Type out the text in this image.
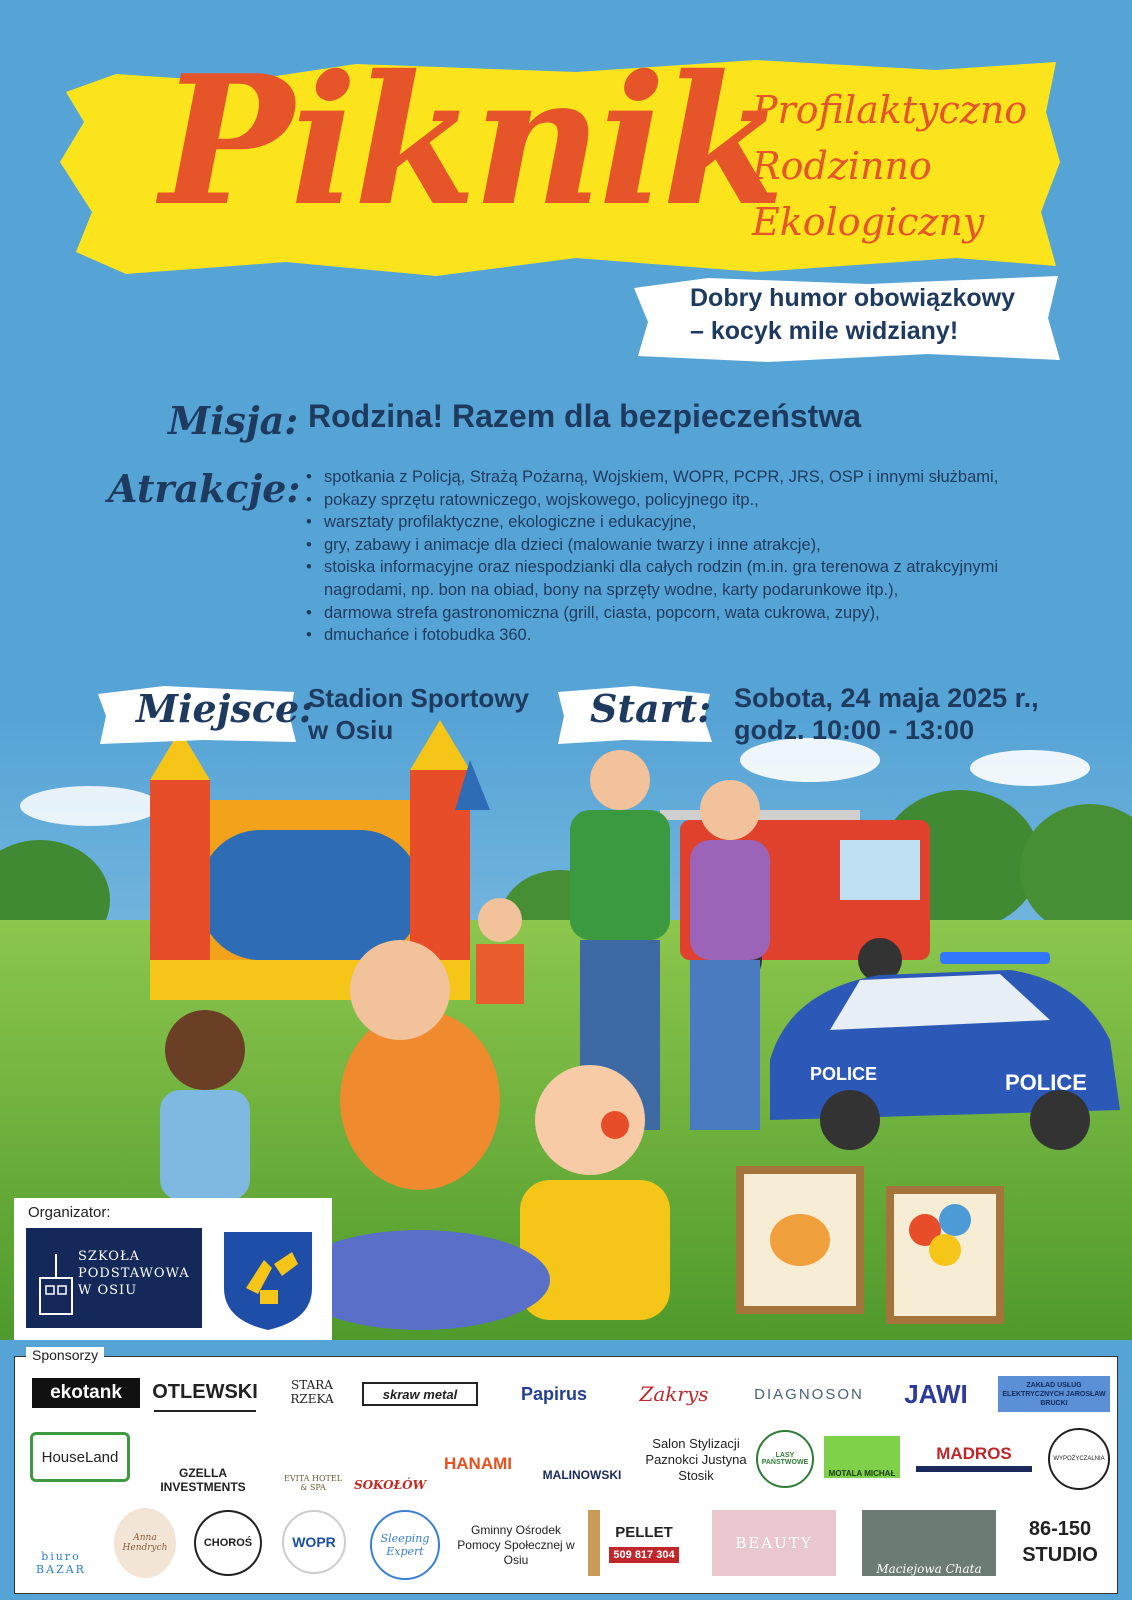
Piknik
Profilaktyczno
Rodzinno
Ekologiczny
Dobry humor obowiązkowy
– kocyk mile widziany!
Misja: Rodzina! Razem dla bezpieczeństwa
Atrakcje:
•	spotkania z Policją, Strażą Pożarną, Wojskiem, WOPR, PCPR, JRS, OSP i innymi służbami,
• pokazy sprzętu ratowniczego, wojskowego, policyjnego itp.,
• warsztaty profilaktyczne, ekologiczne i edukacyjne,
• gry, zabawy i animacje dla dzieci (malowanie twarzy i inne atrakcje),
• stoiska informacyjne oraz niespodzianki dla całych rodzin (m.in. gra terenowa z atrakcyjnymi nagrodami, np. bon na obiad, bony na sprzęty wodne, karty podarunkowe itp.),
• darmowa strefa gastronomiczna (grill, ciasta, popcorn, wata cukrowa, zupy),
• dmuchańce i fotobudka 360.
POLICE	POLICE
Organizator:
SZKOŁA
PODSTAWOWA
W OSIU
Sponsorzy
ekotank	OTLEWSKI	STARA RZEKA	skraw metal	Papirus	Zakrys	DIAGNOSON	JAWI	ZAKŁAD USŁUG ELEKTRYCZNYCH JAROSŁAW BRUCKI
HouseLand
GZELLA INVESTMENTS
EVITA HOTEL & SPA	SOKOŁÓW
HANAMI
MALINOWSKI
Salon Stylizacji Paznokci Justyna Stosik
LASY PAŃSTWOWE
MOTALA MICHAŁ
MADROS	WYPOŻYCZALNIA
biuro BAZAR
Anna Hendrych	CHOROŚ	WOPR	Sleeping Expert
Gminny Ośrodek Pomocy Społecznej w Osiu
PELLET
509 817 304
BEAUTY
Maciejowa Chata
86-150 STUDIO
Miejsce:	Start:
Stadion Sportowy
w Osiu
Sobota, 24 maja 2025 r.,
godz. 10:00 - 13:00
